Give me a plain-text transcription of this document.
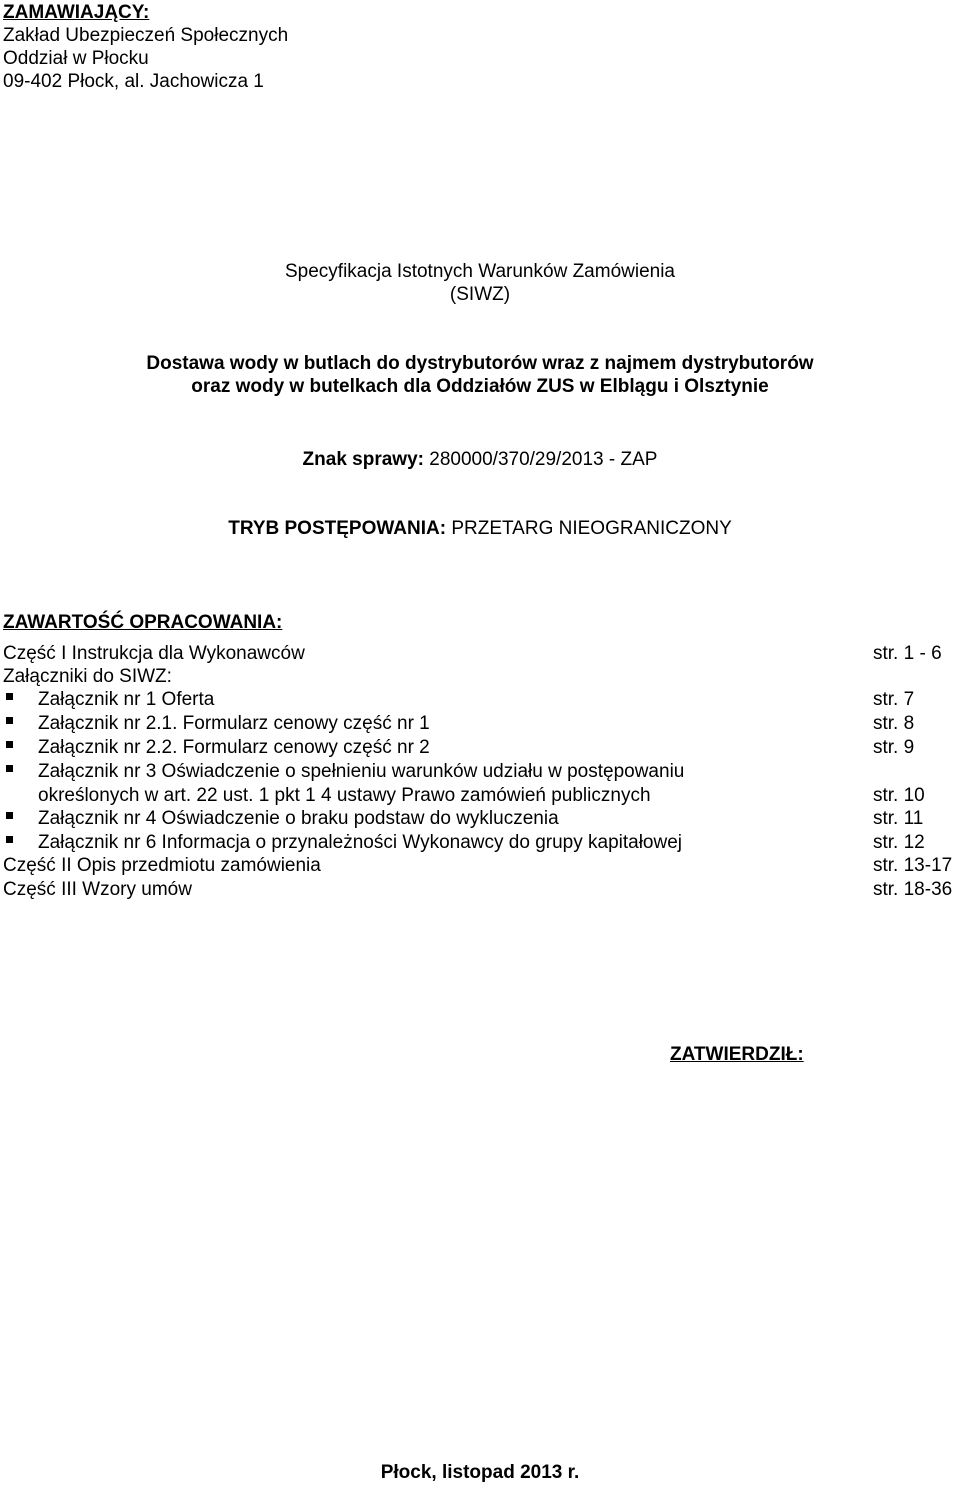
ZAMAWIAJĄCY:
Zakład Ubezpieczeń Społecznych
Oddział w Płocku
09-402 Płock, al. Jachowicza 1
Specyfikacja Istotnych Warunków Zamówienia
(SIWZ)
Dostawa wody w butlach do dystrybutorów wraz z najmem dystrybutorów
oraz wody w butelkach dla Oddziałów ZUS w Elblągu i Olsztynie
Znak sprawy: 280000/370/29/2013 - ZAP
TRYB POSTĘPOWANIA: PRZETARG NIEOGRANICZONY
ZAWARTOŚĆ OPRACOWANIA:
Część I Instrukcja dla Wykonawców	str. 1 - 6
Załączniki do SIWZ:
Załącznik nr 1 Oferta	str. 7
Załącznik nr 2.1. Formularz cenowy część nr 1	str. 8
Załącznik nr 2.2. Formularz cenowy część nr 2	str. 9
Załącznik nr 3 Oświadczenie o spełnieniu warunków udziału w postępowaniu
określonych w art. 22 ust. 1 pkt 1 4 ustawy Prawo zamówień publicznych	str. 10
Załącznik nr 4 Oświadczenie o braku podstaw do wykluczenia	str. 11
Załącznik nr 6 Informacja o przynależności Wykonawcy do grupy kapitałowej	str. 12
Część II Opis przedmiotu zamówienia	str. 13-17
Część III Wzory umów	str. 18-36
ZATWIERDZIŁ:
Płock, listopad 2013 r.
